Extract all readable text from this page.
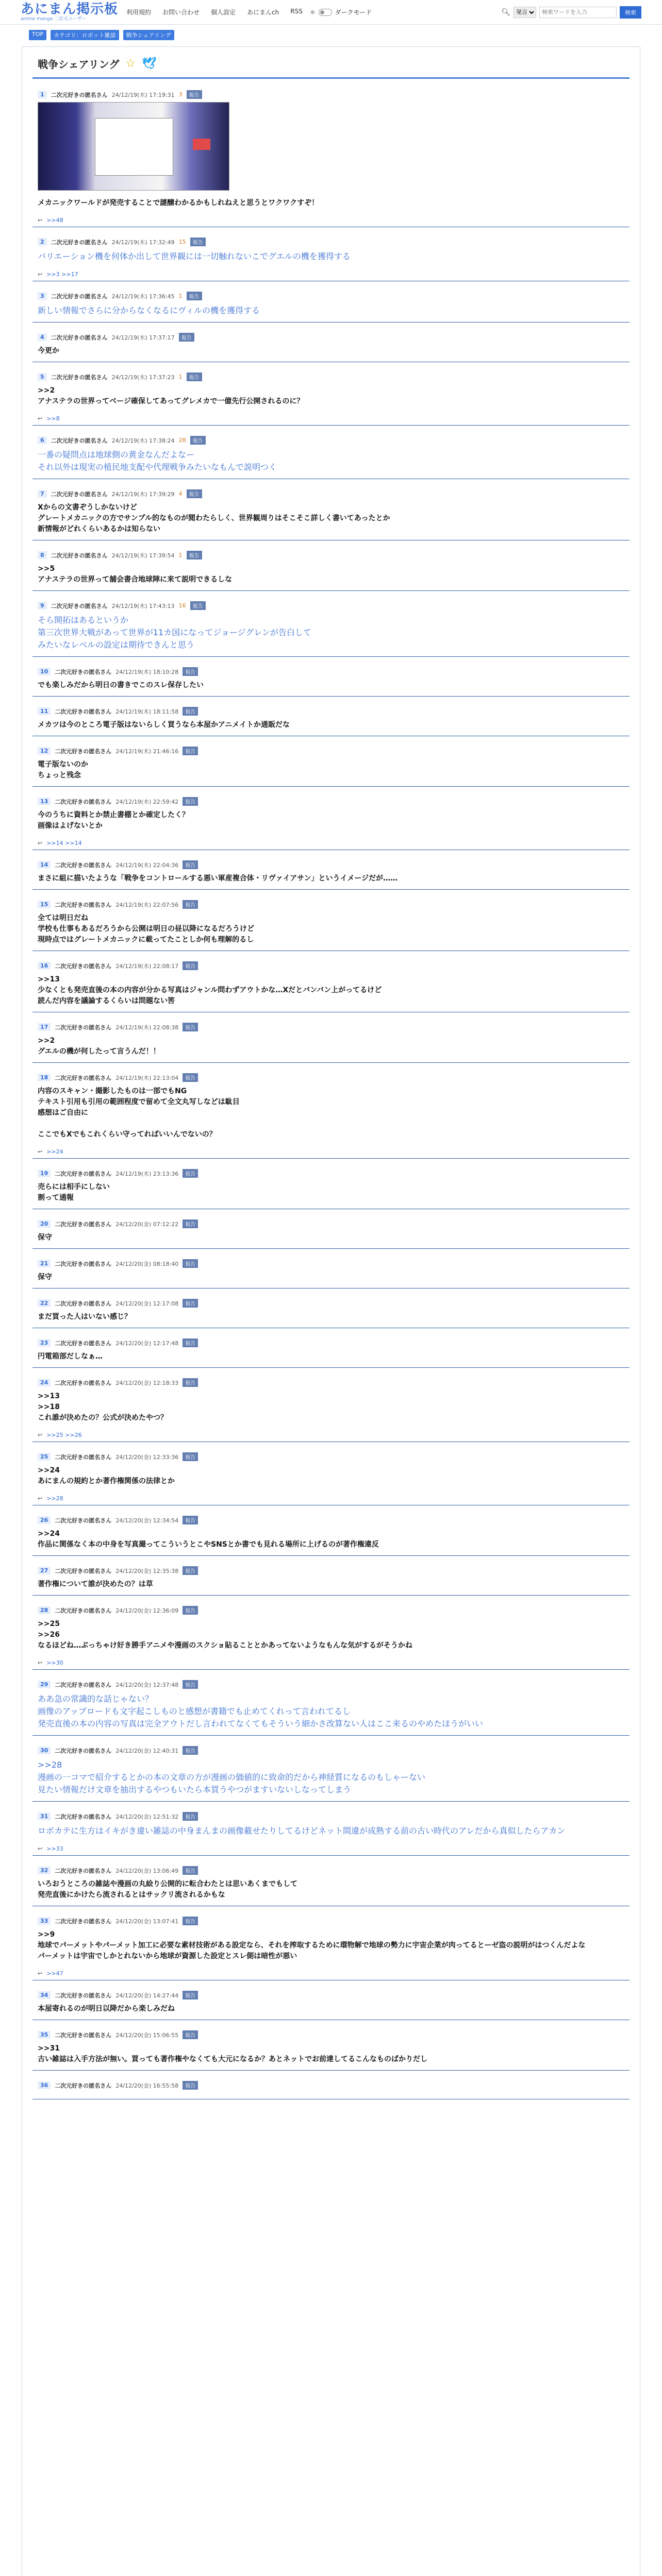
あにまん掲示板
anime manga 二次元ユーザー
利用規約 お問い合わせ 個人設定 あにまんch RSS ☼	ダークモード	🔍︎
発言
検索ワードを入力	検索
TOP	カテゴリ：ロボット雑談	戦争シェアリング
戦争シェアリング ☆ 🕊︎
1	二次元好きの匿名さん 24/12/19(木) 17:19:31 3	報告
メカニックワールドが発売することで謎醸わかるかもしれねえと思うとワクワクすぞ！
↩ >>48
2	二次元好きの匿名さん 24/12/19(木) 17:32:49 15	報告
バリエーション機を何体か出して世界観には一切触れないこでグエルの機を獲得する
↩ >>3 >>17
3	二次元好きの匿名さん 24/12/19(木) 17:36:45 1	報告
新しい情報でさらに分からなくなるにヴィルの機を獲得する
4	二次元好きの匿名さん 24/12/19(木) 17:37:17	報告
今更か
5	二次元好きの匿名さん 24/12/19(木) 17:37:23 1	報告
>>2
アナステラの世界ってベージ確保してあってグレメカで一億先行公開されるのに？
↩ >>8
6	二次元好きの匿名さん 24/12/19(木) 17:38:24 28	報告
一番の疑問点は地球側の黄金なんだよなー
それ以外は現実の植民地支配や代理戦争みたいなもんで説明つく
7	二次元好きの匿名さん 24/12/19(木) 17:39:29 4	報告
Xからの文書ぞうしかないけど
グレートメカニックの方でサンプル的なものが閲わたらしく、世界観周りはそこそこ詳しく書いてあったとか
新情報がどれくらいあるかは知らない
8	二次元好きの匿名さん 24/12/19(木) 17:39:54 1	報告
>>5
アナステラの世界って舗会書合地球陣に来て説明できるしな
9	二次元好きの匿名さん 24/12/19(木) 17:43:13 16	報告
そら開拓はあるというか
第三次世界大戦があって世界が11カ国になってジョージグレンが告白して
みたいなレベルの設定は期待できんと思う
10	二次元好きの匿名さん 24/12/19(木) 18:10:28	報告
でも楽しみだから明日の書きでこのスレ保存したい
11	二次元好きの匿名さん 24/12/19(木) 18:11:58	報告
メカツは今のところ電子版はないらしく買うなら本屋かアニメイトか通販だな
12	二次元好きの匿名さん 24/12/19(木) 21:46:16	報告
電子版ないのか
ちょっと残念
13	二次元好きの匿名さん 24/12/19(木) 22:59:42	報告
今のうちに資料とか禁止書棚とか確定したく？
画像はよげないとか
↩ >>14 >>14
14	二次元好きの匿名さん 24/12/19(木) 22:04:36	報告
まさに組に描いたような「戦争をコントロールする悪い軍産複合体・リヴァイアサン」というイメージだが……
15	二次元好きの匿名さん 24/12/19(木) 22:07:56	報告
全ては明日だね
学校も仕事もあるだろうから公開は明日の昼以降になるだろうけど
現時点ではグレートメカニックに載ってたことしか何も理解的るし
16	二次元好きの匿名さん 24/12/19(木) 22:08:17	報告
>>13
少なくとも発売直後の本の内容が分かる写真はジャンル問わずアウトかな…Xだとバンバン上がってるけど
読んだ内容を議論するくらいは問題ない筈
17	二次元好きの匿名さん 24/12/19(木) 22:08:38	報告
>>2
グエルの機が何したって言うんだ！！
18	二次元好きの匿名さん 24/12/19(木) 22:13:04	報告
内容のスキャン・撮影したものは一部でもNG
テキスト引用も引用の範囲程度で留めて全文丸写しなどは駄目
感想はご自由に

ここでもXでもこれくらい守ってればいいんでないの？
↩ >>24
19	二次元好きの匿名さん 24/12/19(木) 23:13:36	報告
売らには相手にしない
割って通報
20	二次元好きの匿名さん 24/12/20(金) 07:12:22	報告
保守
21	二次元好きの匿名さん 24/12/20(金) 08:18:40	報告
保守
22	二次元好きの匿名さん 24/12/20(金) 12:17:08	報告
まだ買った人はいない感じ？
23	二次元好きの匿名さん 24/12/20(金) 12:17:48	報告
円電箱部だしなぁ…
24	二次元好きの匿名さん 24/12/20(金) 12:18:33	報告
>>13
>>18
これ誰が決めたの？公式が決めたやつ？
↩ >>25 >>26
25	二次元好きの匿名さん 24/12/20(金) 12:33:36	報告
>>24
あにまんの規約とか著作権関係の法律とか
↩ >>28
26	二次元好きの匿名さん 24/12/20(金) 12:34:54	報告
>>24
作品に関係なく本の中身を写真撮ってこういうとこやSNSとか書でも見れる場所に上げるのが著作権違反
27	二次元好きの匿名さん 24/12/20(金) 12:35:38	報告
著作権について誰が決めたの？は草
28	二次元好きの匿名さん 24/12/20(金) 12:36:09	報告
>>25
>>26
なるほどね…ぶっちゃけ好き勝手アニメや漫画のスクショ貼ることとかあってないようなもんな気がするがそうかね
↩ >>30
29	二次元好きの匿名さん 24/12/20(金) 12:37:48	報告
ああ急の常識的な話じゃない？
画像のアップロードも文字起こしものと感想が書籍でも止めてくれって言われてるし
発売直後の本の内容の写真は完全アウトだし言われてなくてもそういう細かさ改算ない人はここ来るのやめたほうがいい
30	二次元好きの匿名さん 24/12/20(金) 12:40:31	報告
>>28
漫画の一コマで紹介するとかの本の文章の方が漫画の価値的に致命的だから神経質になるのもしゃーない
見たい情報だけ文章を抽出するやつもいたら本買うやつがますいないしなってしまう
31	二次元好きの匿名さん 24/12/20(金) 12:51:32	報告
ロボカテに生方はイキがき違い雑誌の中身まんまの画像載せたりしてるけどネット間違が成熟する前の古い時代のアレだから真似したらアカン
↩ >>33
32	二次元好きの匿名さん 24/12/20(金) 13:06:49	報告
いろおうところの雑誌や漫画の丸絵り公開的に転合わたとは思いあくまでもして
発売直後にかけたら流されるとはサックリ流されるかもな
33	二次元好きの匿名さん 24/12/20(金) 13:07:41	報告
>>9
地球でパーメットやパーメット加工に必要な素材技術がある設定なら、それを搾取するために環物解で地球の勢力に宇宙企業が肉ってるとーゼ盗の説明がはつくんだよな
パーメットは宇宙でしかとれないから地球が資源した設定とスレ側は暗性が悪い
↩ >>47
34	二次元好きの匿名さん 24/12/20(金) 14:27:44	報告
本屋寄れるのが明日以降だから楽しみだね
35	二次元好きの匿名さん 24/12/20(金) 15:06:55	報告
>>31
古い雑誌は入手方法が無い。買っても著作権やなくても大元になるか？あとネットでお前達してるこんなものばかりだし
36	二次元好きの匿名さん 24/12/20(金) 16:55:58	報告
